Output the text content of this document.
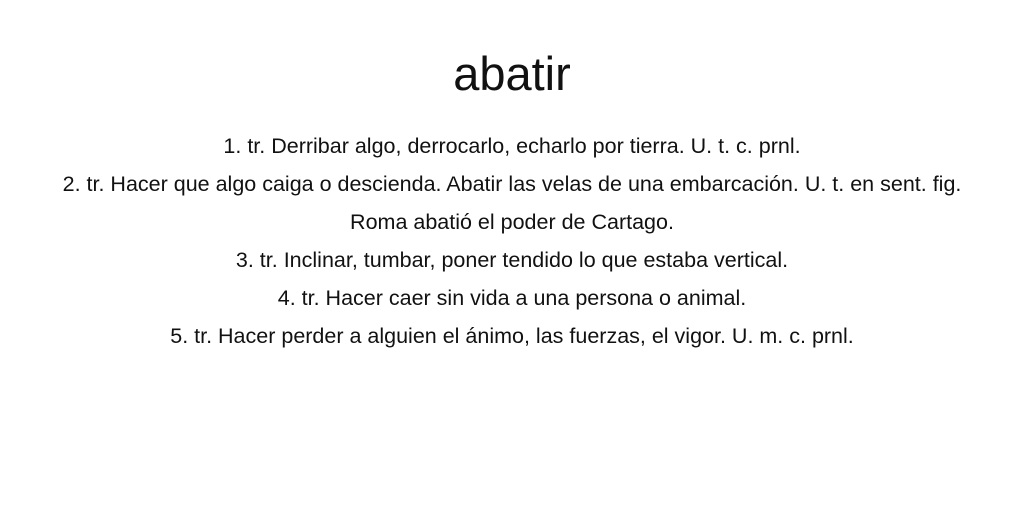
abatir
1. tr. Derribar algo, derrocarlo, echarlo por tierra. U. t. c. prnl.
2. tr. Hacer que algo caiga o descienda. Abatir las velas de una embarcación. U. t. en sent. fig. Roma abatió el poder de Cartago.
3. tr. Inclinar, tumbar, poner tendido lo que estaba vertical.
4. tr. Hacer caer sin vida a una persona o animal.
5. tr. Hacer perder a alguien el ánimo, las fuerzas, el vigor. U. m. c. prnl.
